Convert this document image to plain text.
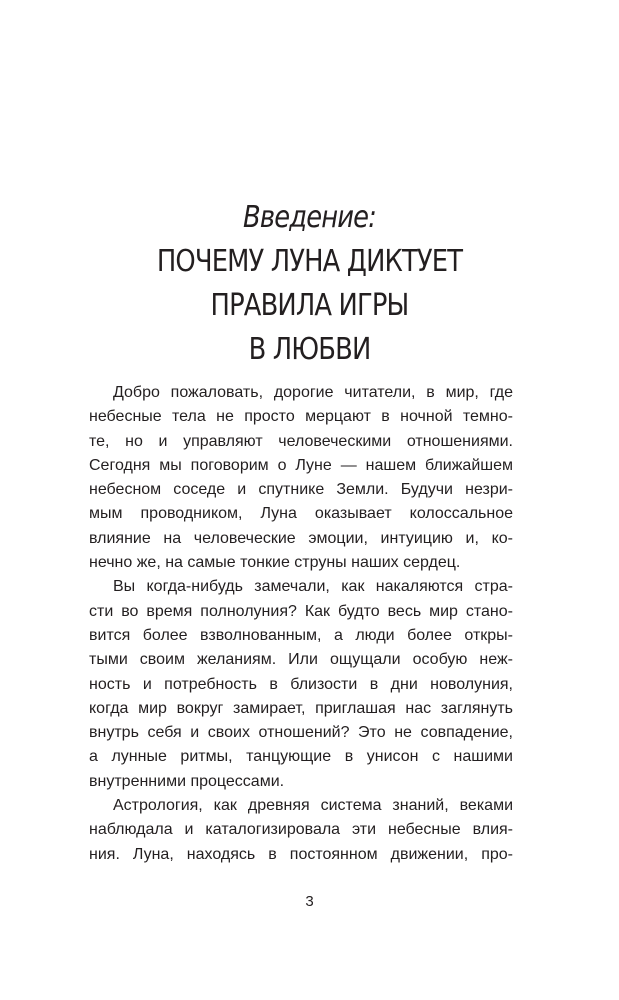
Введение:
ПОЧЕМУ ЛУНА ДИКТУЕТ
ПРАВИЛА ИГРЫ
В ЛЮБВИ

Добро пожаловать, дорогие читатели, в мир, где
небесные тела не просто мерцают в ночной темно-
те, но и управляют человеческими отношениями.
Сегодня мы поговорим о Луне — нашем ближайшем
небесном соседе и спутнике Земли. Будучи незри-
мым проводником, Луна оказывает колоссальное
влияние на человеческие эмоции, интуицию и, ко-
нечно же, на самые тонкие струны наших сердец.

Вы когда-нибудь замечали, как накаляются стра-
сти во время полнолуния? Как будто весь мир стано-
вится более взволнованным, а люди более откры-
тыми своим желаниям. Или ощущали особую неж-
ность и потребность в близости в дни новолуния,
когда мир вокруг замирает, приглашая нас заглянуть
внутрь себя и своих отношений? Это не совпадение,
а лунные ритмы, танцующие в унисон с нашими
внутренними процессами.

Астрология, как древняя система знаний, веками
наблюдала и каталогизировала эти небесные влия-
ния. Луна, находясь в постоянном движении, про-

3
